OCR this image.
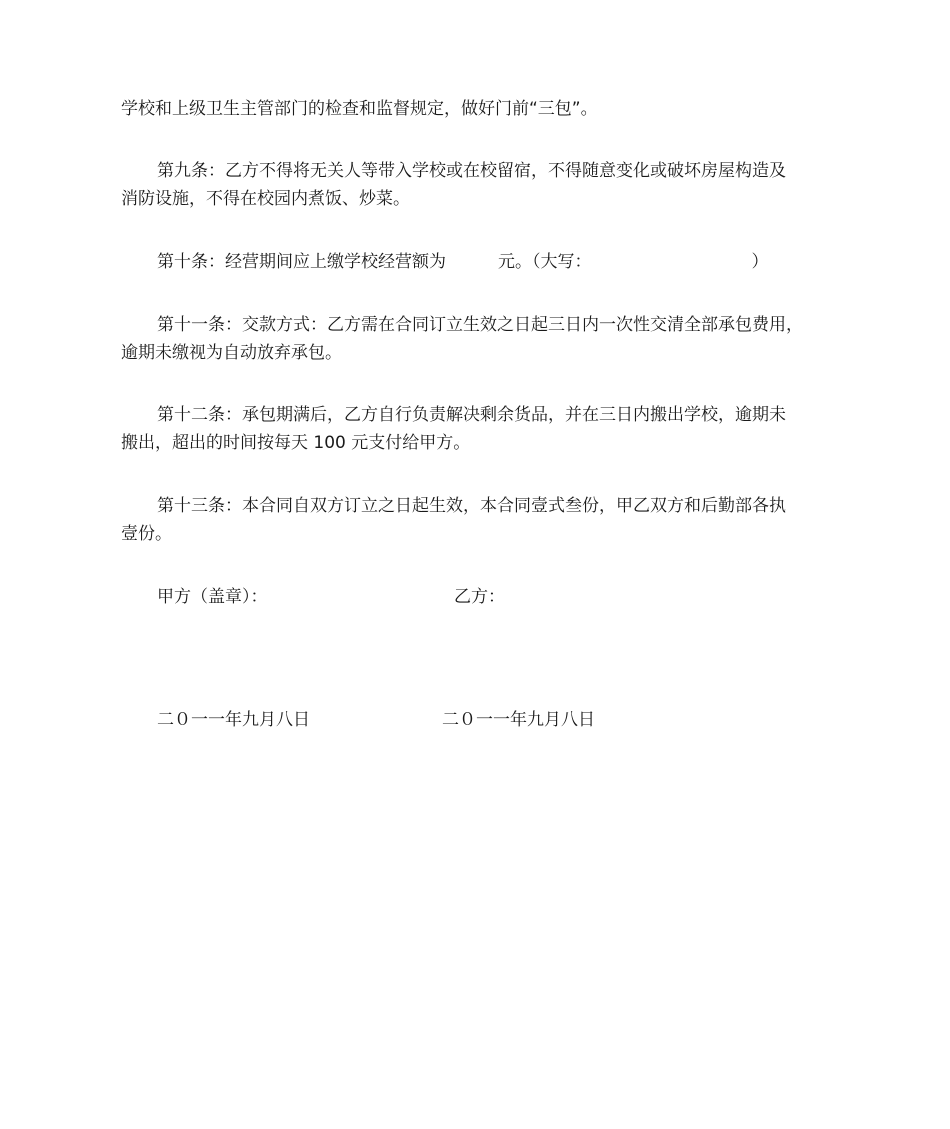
学校和上级卫生主管部门的检查和监督规定，做好门前“三包”。

第九条：乙方不得将无关人等带入学校或在校留宿，不得随意变化或破坏房屋构造及
消防设施，不得在校园内煮饭、炒菜。

第十条：经营期间应上缴学校经营额为	元。（大写：	）

第十一条：交款方式：乙方需在合同订立生效之日起三日内一次性交清全部承包费用，
逾期未缴视为自动放弃承包。

第十二条：承包期满后，乙方自行负责解决剩余货品，并在三日内搬出学校，逾期未
搬出，超出的时间按每天 100 元支付给甲方。

第十三条：本合同自双方订立之日起生效，本合同壹式叁份，甲乙双方和后勤部各执
壹份。

甲方（盖章）：	乙方：
二０一一年九月八日	二０一一年九月八日
